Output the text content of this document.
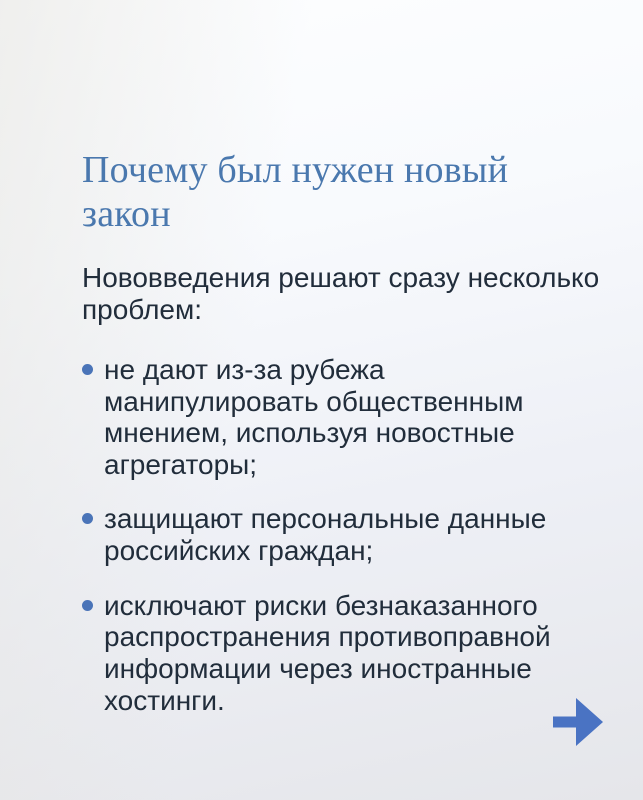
Почему был нужен новый закон

Нововведения решают сразу несколько проблем:

не дают из-за рубежа манипулировать общественным мнением, используя новостные агрегаторы;
защищают персональные данные российских граждан;
исключают риски безнаказанного распространения противоправной информации через иностранные хостинги.
